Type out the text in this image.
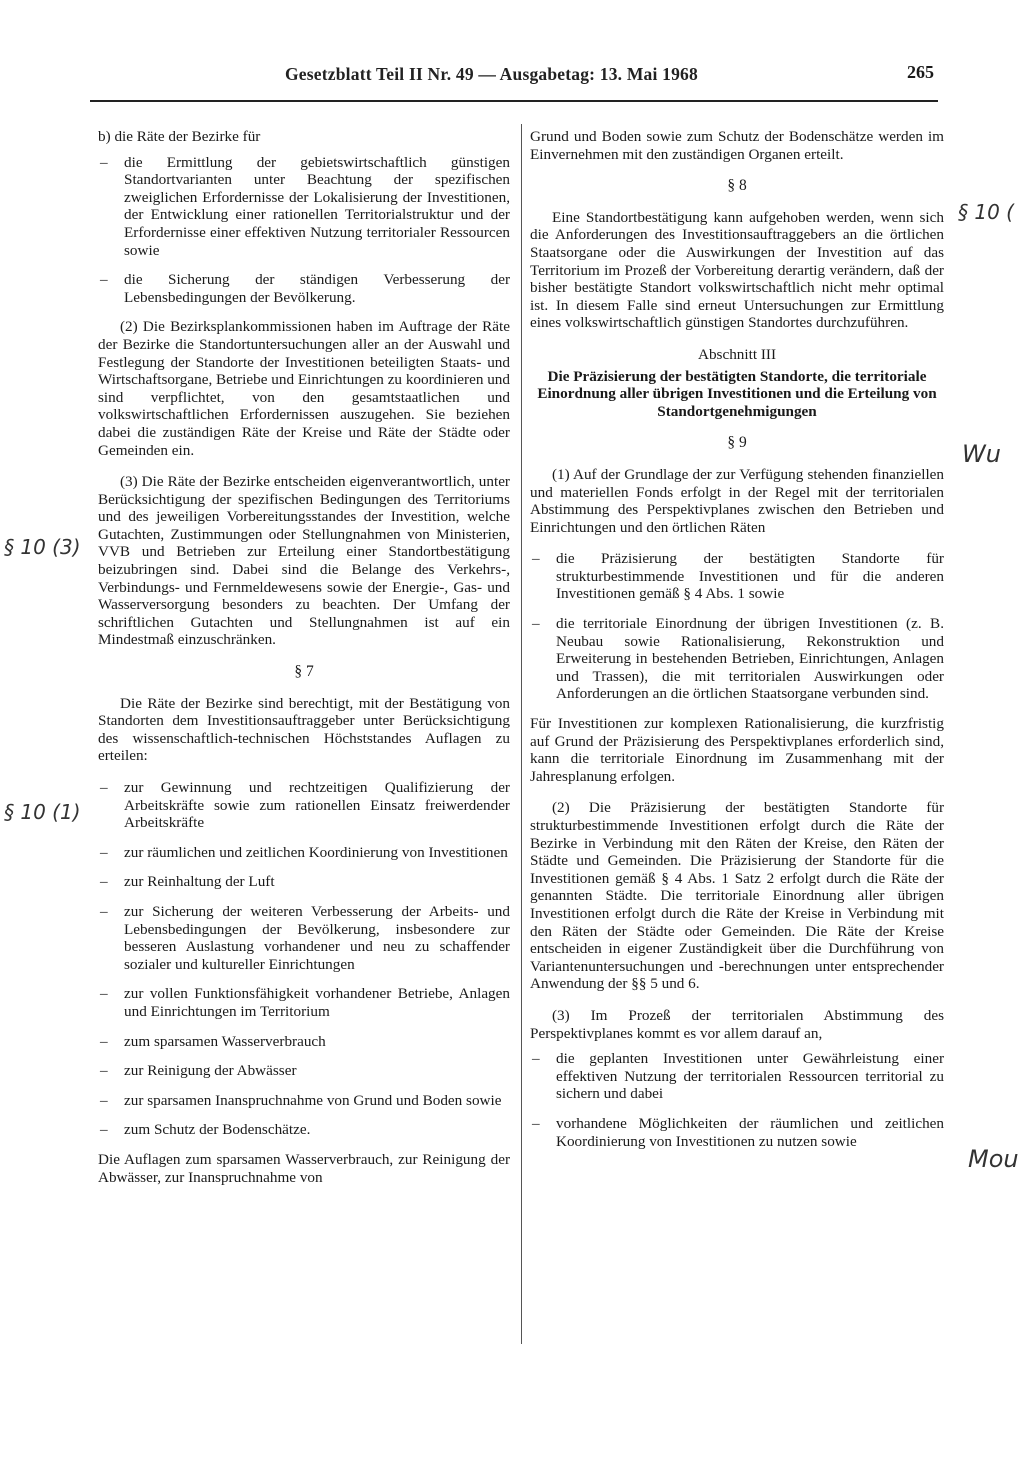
Gesetzblatt Teil II Nr. 49 — Ausgabetag: 13. Mai 1968	265

b) die Räte der Bezirke für

– die Ermittlung der gebietswirtschaftlich günstigen Standortvarianten unter Beachtung der spezifischen zweiglichen Erfordernisse der Lokalisierung der Investitionen, der Entwicklung einer rationellen Territorialstruktur und der Erfordernisse einer effektiven Nutzung territorialer Ressourcen sowie
– die Sicherung der ständigen Verbesserung der Lebensbedingungen der Bevölkerung.

(2) Die Bezirksplankommissionen haben im Auftrage der Räte der Bezirke die Standortuntersuchungen aller an der Auswahl und Festlegung der Standorte der Investitionen beteiligten Staats- und Wirtschaftsorgane, Betriebe und Einrichtungen zu koordinieren und sind verpflichtet, von den gesamtstaatlichen und volkswirtschaftlichen Erfordernissen auszugehen. Sie beziehen dabei die zuständigen Räte der Kreise und Räte der Städte oder Gemeinden ein.

(3) Die Räte der Bezirke entscheiden eigenverantwortlich, unter Berücksichtigung der spezifischen Bedingungen des Territoriums und des jeweiligen Vorbereitungsstandes der Investition, welche Gutachten, Zustimmungen oder Stellungnahmen von Ministerien, VVB und Betrieben zur Erteilung einer Standortbestätigung beizubringen sind. Dabei sind die Belange des Verkehrs-, Verbindungs- und Fernmeldewesens sowie der Energie-, Gas- und Wasserversorgung besonders zu beachten. Der Umfang der schriftlichen Gutachten und Stellungnahmen ist auf ein Mindestmaß einzuschränken.

§ 7

Die Räte der Bezirke sind berechtigt, mit der Bestätigung von Standorten dem Investitionsauftraggeber unter Berücksichtigung des wissenschaftlich-technischen Höchststandes Auflagen zu erteilen:

– zur Gewinnung und rechtzeitigen Qualifizierung der Arbeitskräfte sowie zum rationellen Einsatz freiwerdender Arbeitskräfte
– zur räumlichen und zeitlichen Koordinierung von Investitionen
– zur Reinhaltung der Luft
– zur Sicherung der weiteren Verbesserung der Arbeits- und Lebensbedingungen der Bevölkerung, insbesondere zur besseren Auslastung vorhandener und neu zu schaffender sozialer und kultureller Einrichtungen
– zur vollen Funktionsfähigkeit vorhandener Betriebe, Anlagen und Einrichtungen im Territorium
– zum sparsamen Wasserverbrauch
– zur Reinigung der Abwässer
– zur sparsamen Inanspruchnahme von Grund und Boden sowie
– zum Schutz der Bodenschätze.

Die Auflagen zum sparsamen Wasserverbrauch, zur Reinigung der Abwässer, zur Inanspruchnahme von

Grund und Boden sowie zum Schutz der Bodenschätze werden im Einvernehmen mit den zuständigen Organen erteilt.

§ 8

Eine Standortbestätigung kann aufgehoben werden, wenn sich die Anforderungen des Investitionsauftraggebers an die örtlichen Staatsorgane oder die Auswirkungen der Investition auf das Territorium im Prozeß der Vorbereitung derartig verändern, daß der bisher bestätigte Standort volkswirtschaftlich nicht mehr optimal ist. In diesem Falle sind erneut Untersuchungen zur Ermittlung eines volkswirtschaftlich günstigen Standortes durchzuführen.

Abschnitt III
Die Präzisierung der bestätigten Standorte, die territoriale Einordnung aller übrigen Investitionen und die Erteilung von Standortgenehmigungen
§ 9

(1) Auf der Grundlage der zur Verfügung stehenden finanziellen und materiellen Fonds erfolgt in der Regel mit der territorialen Abstimmung des Perspektivplanes zwischen den Betrieben und Einrichtungen und den örtlichen Räten

– die Präzisierung der bestätigten Standorte für strukturbestimmende Investitionen und für die anderen Investitionen gemäß § 4 Abs. 1 sowie
– die territoriale Einordnung der übrigen Investitionen (z. B. Neubau sowie Rationalisierung, Rekonstruktion und Erweiterung in bestehenden Betrieben, Einrichtungen, Anlagen und Trassen), die mit territorialen Auswirkungen oder Anforderungen an die örtlichen Staatsorgane verbunden sind.

Für Investitionen zur komplexen Rationalisierung, die kurzfristig auf Grund der Präzisierung des Perspektivplanes erforderlich sind, kann die territoriale Einordnung im Zusammenhang mit der Jahresplanung erfolgen.

(2) Die Präzisierung der bestätigten Standorte für strukturbestimmende Investitionen erfolgt durch die Räte der Bezirke in Verbindung mit den Räten der Kreise, den Räten der Städte und Gemeinden. Die Präzisierung der Standorte für die Investitionen gemäß § 4 Abs. 1 Satz 2 erfolgt durch die Räte der genannten Städte. Die territoriale Einordnung aller übrigen Investitionen erfolgt durch die Räte der Kreise in Verbindung mit den Räten der Städte oder Gemeinden. Die Räte der Kreise entscheiden in eigener Zuständigkeit über die Durchführung von Variantenuntersuchungen und -berechnungen unter entsprechender Anwendung der §§ 5 und 6.

(3) Im Prozeß der territorialen Abstimmung des Perspektivplanes kommt es vor allem darauf an,

– die geplanten Investitionen unter Gewährleistung einer effektiven Nutzung der territorialen Ressourcen territorial zu sichern und dabei
– vorhandene Möglichkeiten der räumlichen und zeitlichen Koordinierung von Investitionen zu nutzen sowie
§ 10 (3)
§ 10 (1)
§ 10 (
Wu
Mou
